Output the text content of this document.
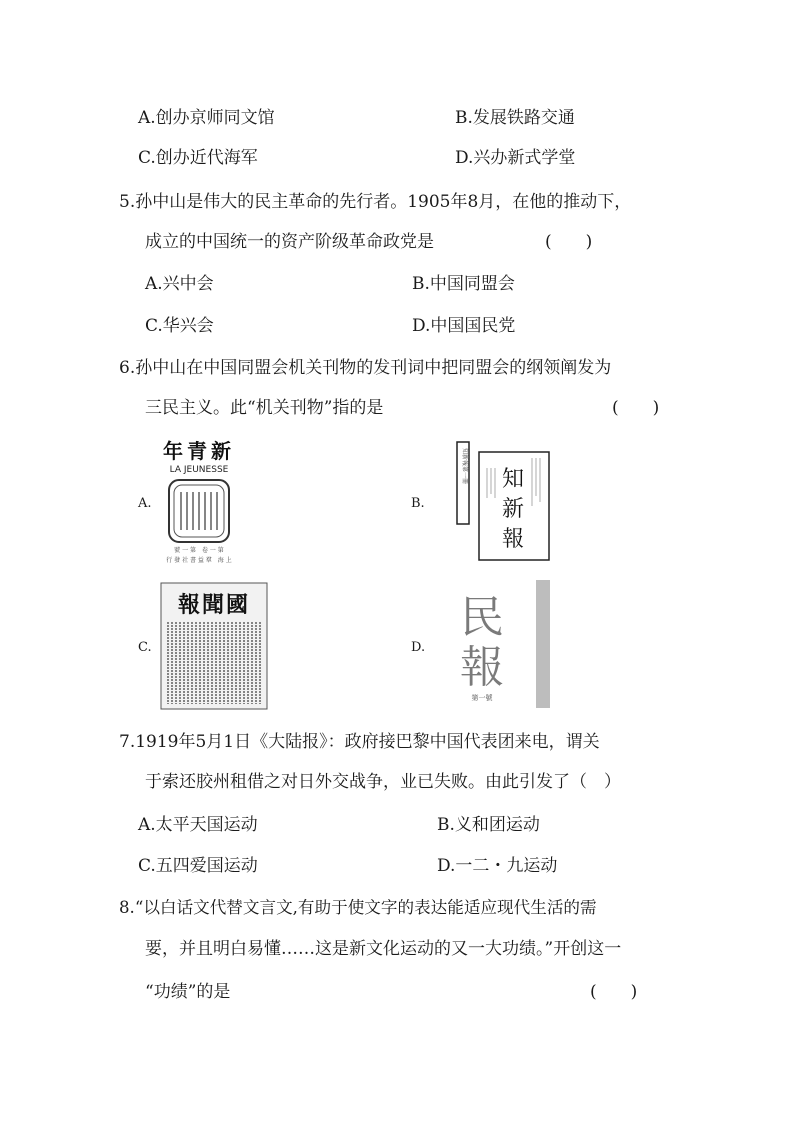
A.创办京师同文馆	B.发展铁路交通
C.创办近代海军	D.兴办新式学堂
5.孙中山是伟大的民主革命的先行者。1905年8月，在他的推动下，
成立的中国统一的资产阶级革命政党是	(　　)
A.兴中会	B.中国同盟会
C.华兴会	D.中国国民党
6.孙中山在中国同盟会机关刊物的发刊词中把同盟会的纲领阐发为
三民主义。此“机关刊物”指的是	(　　)
A.
年青新
LA JEUNESSE
號 一 第　卷 一 第
行 發 社 書 益 羣　海 上
B.
知新報第一冊 知
新
報
C.
報聞國
D.
民
報
第一號
7.1919年5月1日《大陆报》：政府接巴黎中国代表团来电，谓关
于索还胶州租借之对日外交战争，业已失败。由此引发了（　）
A.太平天国运动	B.义和团运动
C.五四爱国运动	D.一二・九运动
8.“以白话文代替文言文,有助于使文字的表达能适应现代生活的需
要，并且明白易懂……这是新文化运动的又一大功绩。”开创这一
“功绩”的是	(　　)
